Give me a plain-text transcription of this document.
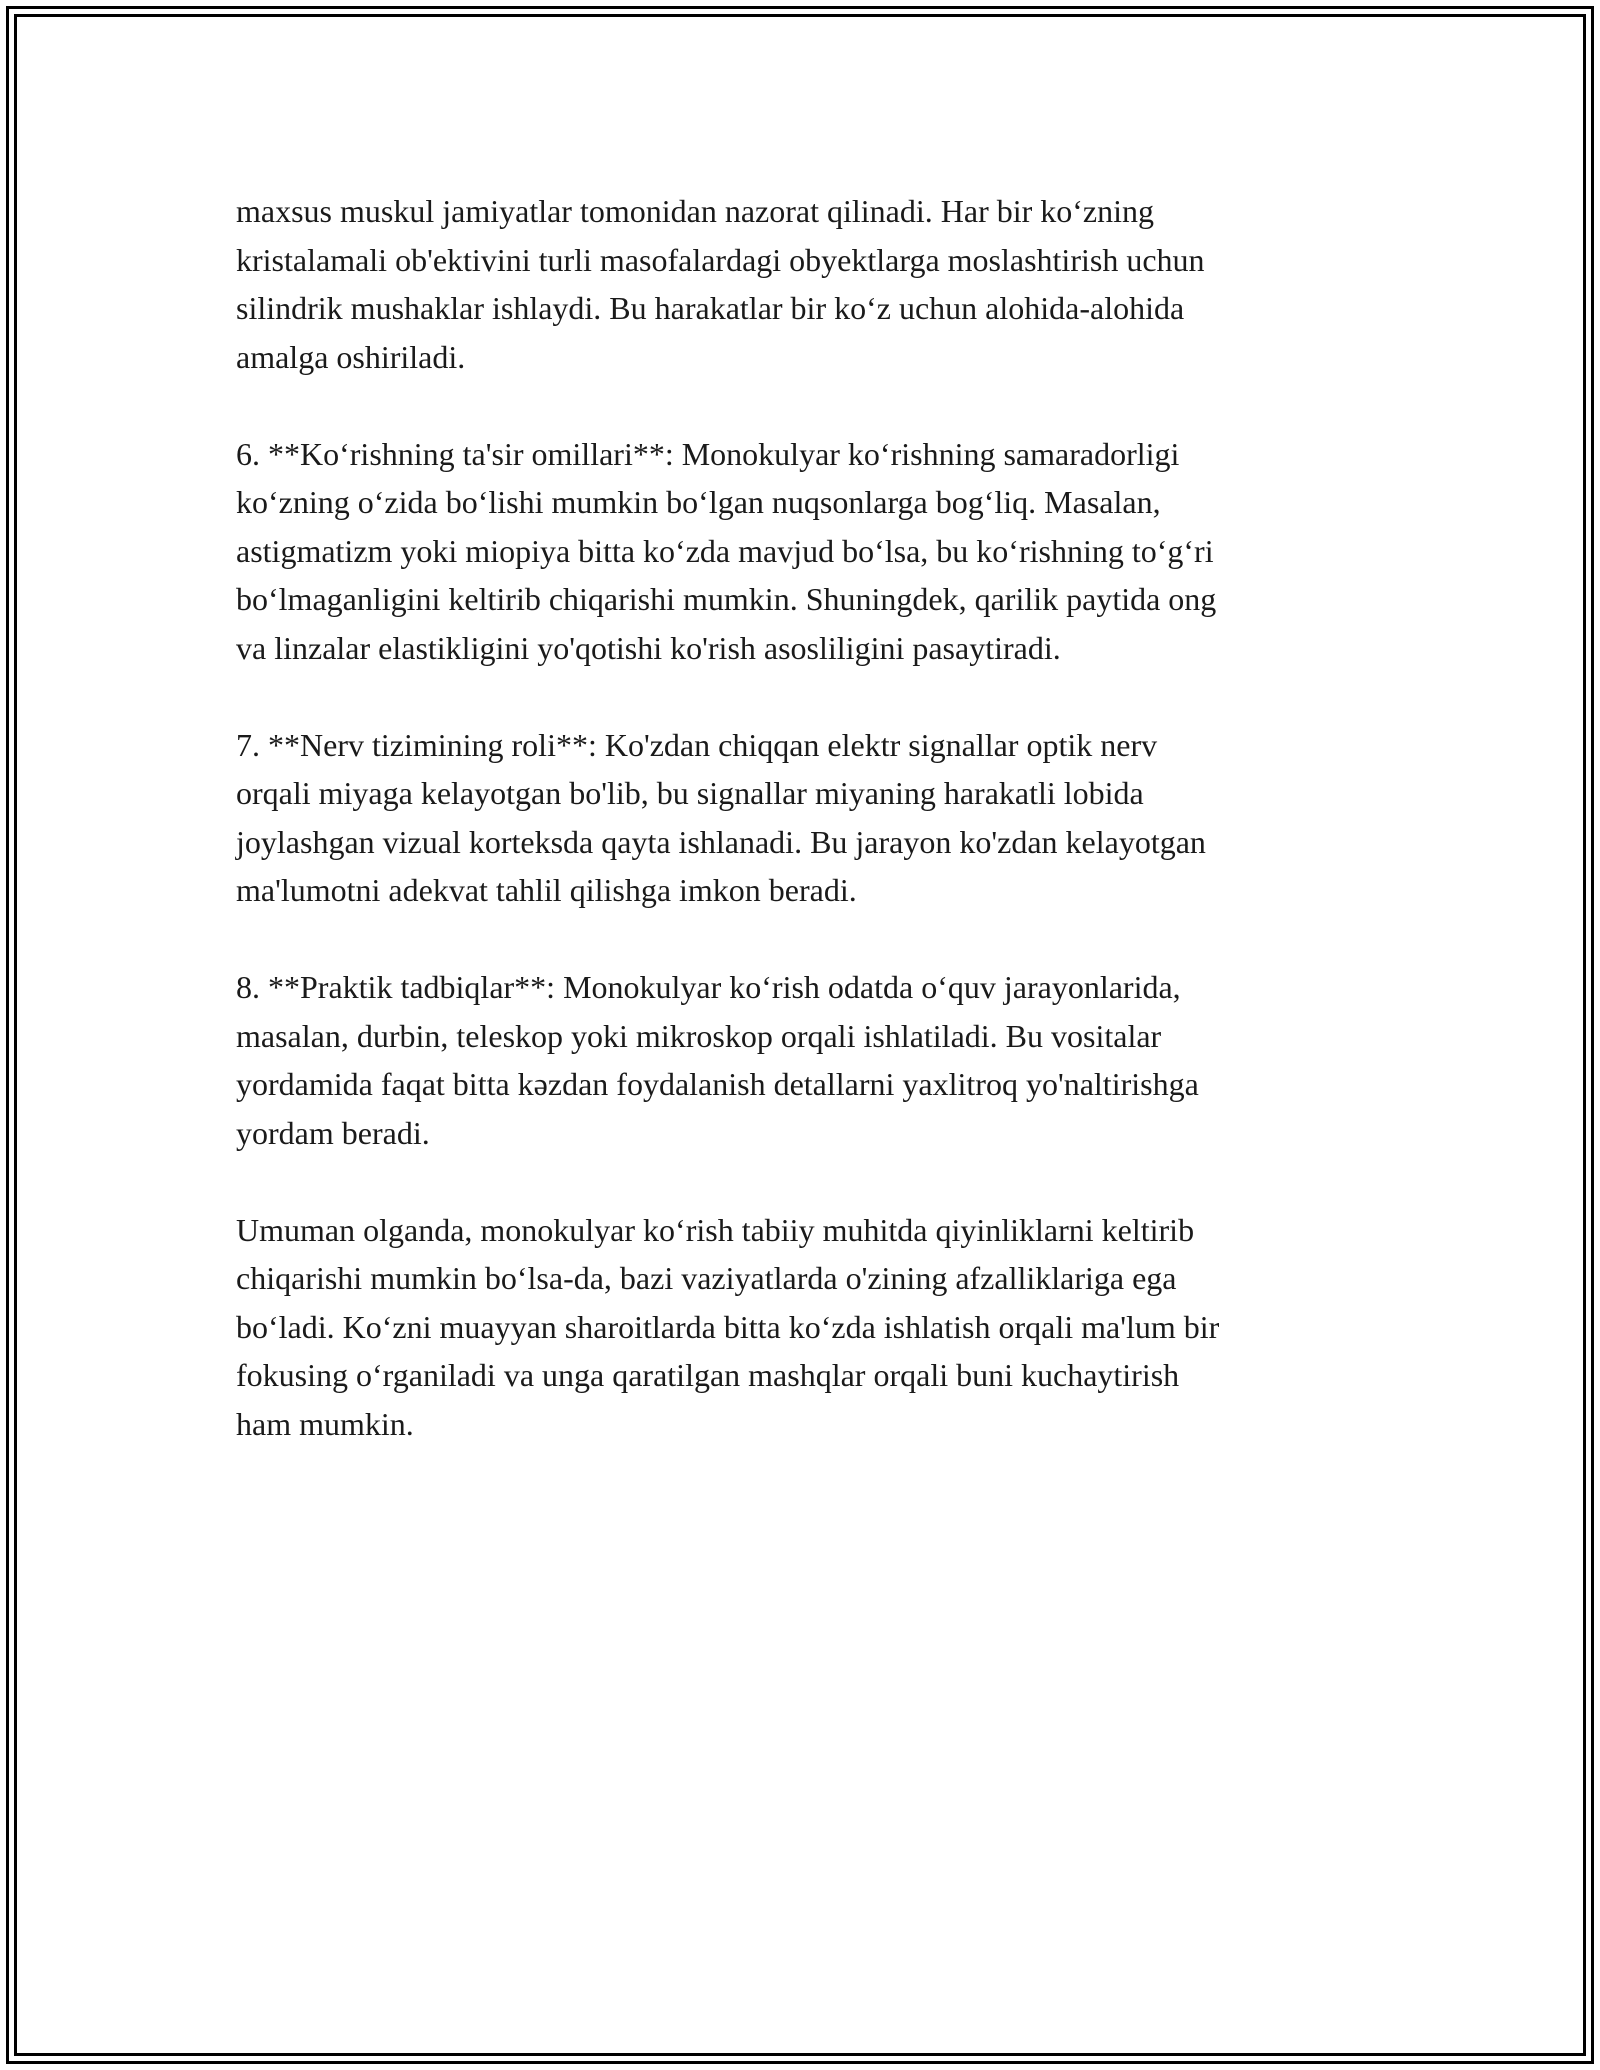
maxsus muskul jamiyatlar tomonidan nazorat qilinadi. Har bir ko‘zning
kristalamali ob'ektivini turli masofalardagi obyektlarga moslashtirish uchun
silindrik mushaklar ishlaydi. Bu harakatlar bir ko‘z uchun alohida-alohida
amalga oshiriladi.

6. **Ko‘rishning ta'sir omillari**: Monokulyar ko‘rishning samaradorligi
ko‘zning o‘zida bo‘lishi mumkin bo‘lgan nuqsonlarga bog‘liq. Masalan,
astigmatizm yoki miopiya bitta ko‘zda mavjud bo‘lsa, bu ko‘rishning to‘g‘ri
bo‘lmaganligini keltirib chiqarishi mumkin. Shuningdek, qarilik paytida ong
va linzalar elastikligini yo'qotishi ko'rish asosliligini pasaytiradi.

7. **Nerv tizimining roli**: Ko'zdan chiqqan elektr signallar optik nerv
orqali miyaga kelayotgan bo'lib, bu signallar miyaning harakatli lobida
joylashgan vizual korteksda qayta ishlanadi. Bu jarayon ko'zdan kelayotgan
ma'lumotni adekvat tahlil qilishga imkon beradi.

8. **Praktik tadbiqlar**: Monokulyar ko‘rish odatda o‘quv jarayonlarida,
masalan, durbin, teleskop yoki mikroskop orqali ishlatiladi. Bu vositalar
yordamida faqat bitta kəzdan foydalanish detallarni yaxlitroq yo'naltirishga
yordam beradi.

Umuman olganda, monokulyar ko‘rish tabiiy muhitda qiyinliklarni keltirib
chiqarishi mumkin bo‘lsa-da, bazi vaziyatlarda o'zining afzalliklariga ega
bo‘ladi. Ko‘zni muayyan sharoitlarda bitta ko‘zda ishlatish orqali ma'lum bir
fokusing o‘rganiladi va unga qaratilgan mashqlar orqali buni kuchaytirish
ham mumkin.
